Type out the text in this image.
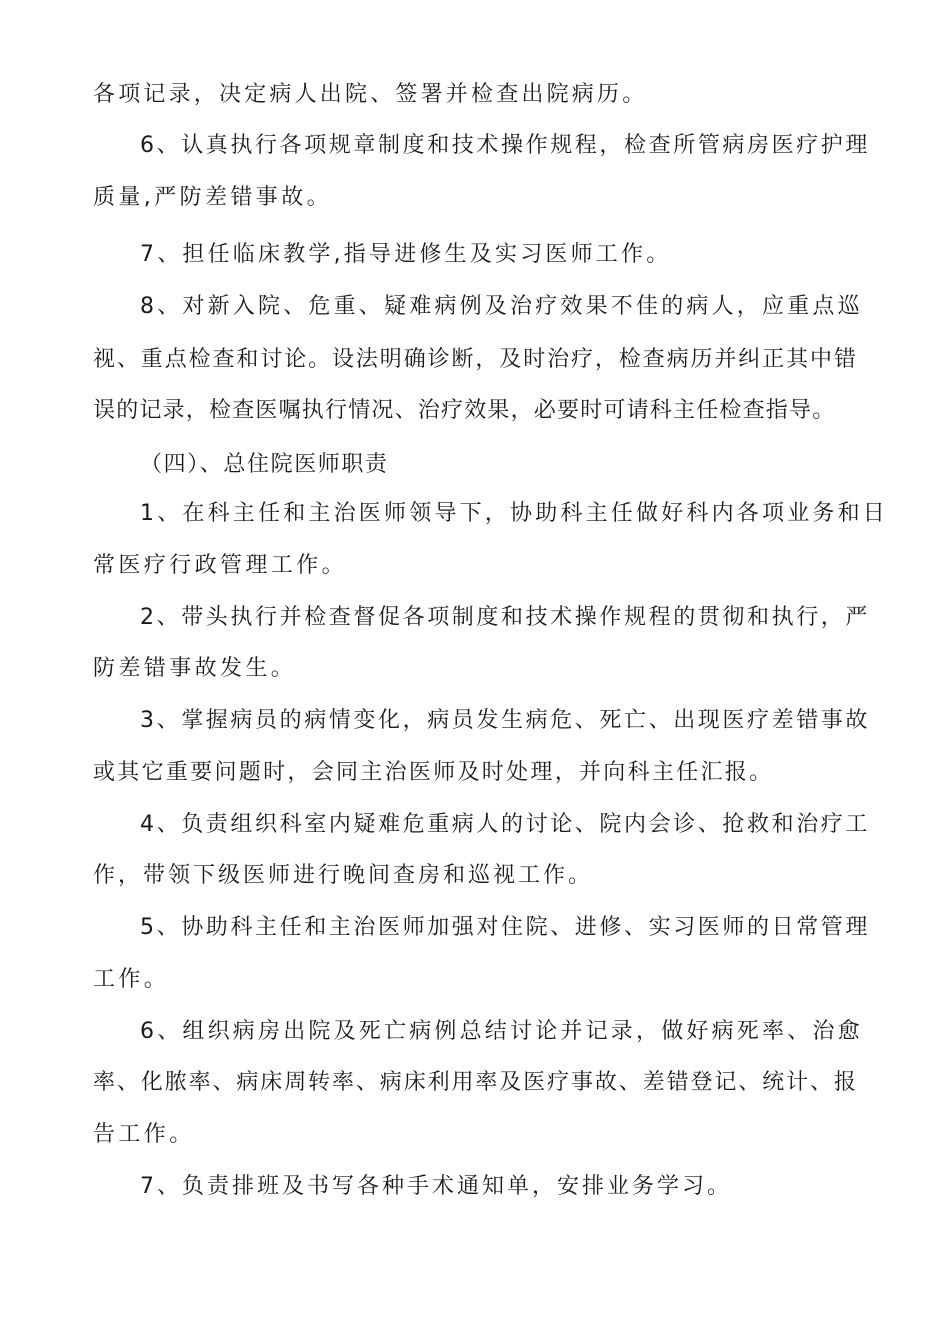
各项记录，决定病人出院、签署并检查出院病历。
6、认真执行各项规章制度和技术操作规程，检查所管病房医疗护理
质量,严防差错事故。
7、担任临床教学,指导进修生及实习医师工作。
8、对新入院、危重、疑难病例及治疗效果不佳的病人，应重点巡
视、重点检查和讨论。设法明确诊断，及时治疗，检查病历并纠正其中错
误的记录，检查医嘱执行情况、治疗效果，必要时可请科主任检查指导。
（四）、总住院医师职责
1、在科主任和主治医师领导下，协助科主任做好科内各项业务和日
常医疗行政管理工作。
2、带头执行并检查督促各项制度和技术操作规程的贯彻和执行，严
防差错事故发生。
3、掌握病员的病情变化，病员发生病危、死亡、出现医疗差错事故
或其它重要问题时，会同主治医师及时处理，并向科主任汇报。
4、负责组织科室内疑难危重病人的讨论、院内会诊、抢救和治疗工
作，带领下级医师进行晚间查房和巡视工作。
5、协助科主任和主治医师加强对住院、进修、实习医师的日常管理
工作。
6、组织病房出院及死亡病例总结讨论并记录，做好病死率、治愈
率、化脓率、病床周转率、病床利用率及医疗事故、差错登记、统计、报
告工作。
7、负责排班及书写各种手术通知单，安排业务学习。
